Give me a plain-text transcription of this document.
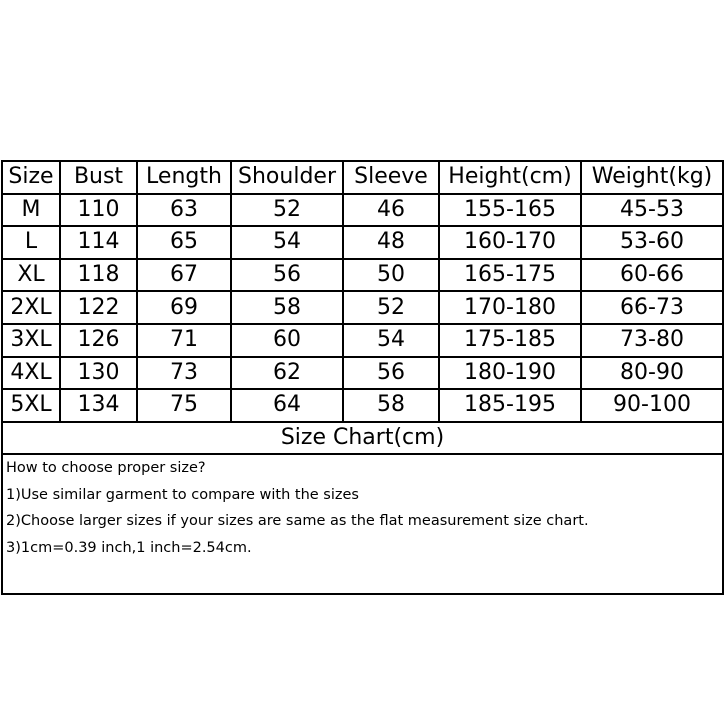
Size	Bust	Length	Shoulder	Sleeve	Height(cm)	Weight(kg)
M	110	63	52	46	155-165	45-53
L	114	65	54	48	160-170	53-60
XL	118	67	56	50	165-175	60-66
2XL	122	69	58	52	170-180	66-73
3XL	126	71	60	54	175-185	73-80
4XL	130	73	62	56	180-190	80-90
5XL	134	75	64	58	185-195	90-100
Size Chart(cm)						

How to choose proper size?
1)Use similar garment to compare with the sizes
2)Choose larger sizes if your sizes are same as the flat measurement size chart.
3)1cm=0.39 inch,1 inch=2.54cm.						
